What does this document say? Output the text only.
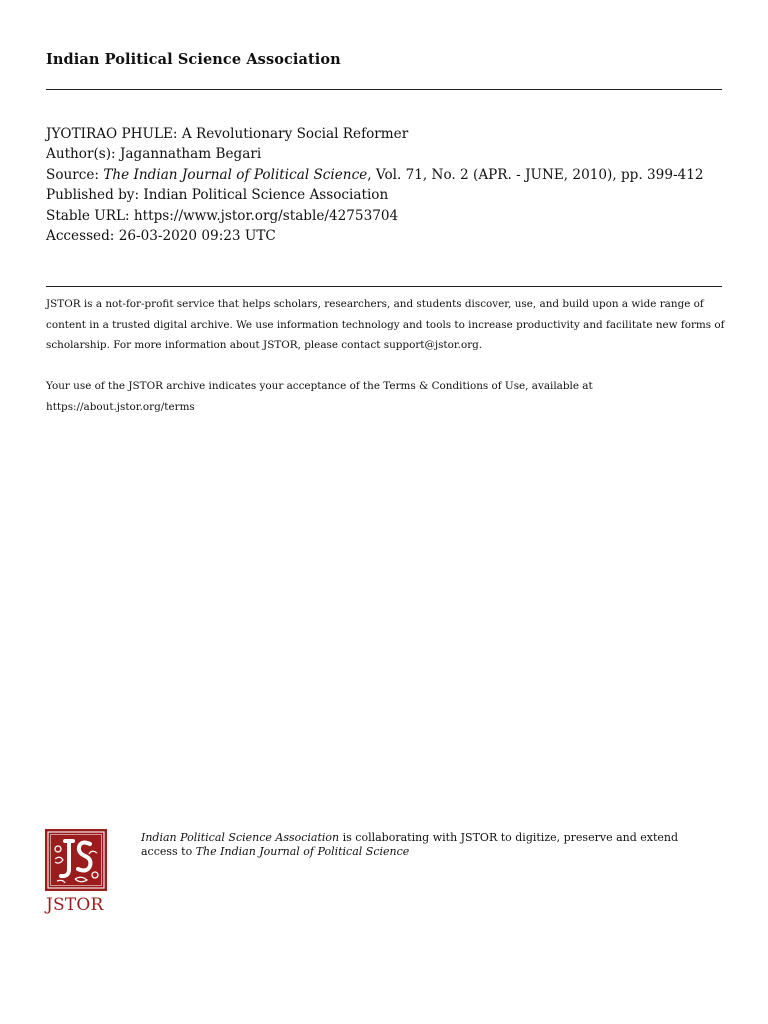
Indian Political Science Association
JYOTIRAO PHULE: A Revolutionary Social Reformer
Author(s): Jagannatham Begari
Source: The Indian Journal of Political Science, Vol. 71, No. 2 (APR. - JUNE, 2010), pp. 399-412
Published by: Indian Political Science Association
Stable URL: https://www.jstor.org/stable/42753704
Accessed: 26-03-2020 09:23 UTC

JSTOR is a not-for-profit service that helps scholars, researchers, and students discover, use, and build upon a wide range of content in a trusted digital archive. We use information technology and tools to increase productivity and facilitate new forms of scholarship. For more information about JSTOR, please contact support@jstor.org.

Your use of the JSTOR archive indicates your acceptance of the Terms & Conditions of Use, available at https://about.jstor.org/terms

JSTOR
Indian Political Science Association is collaborating with JSTOR to digitize, preserve and extend access to The Indian Journal of Political Science
